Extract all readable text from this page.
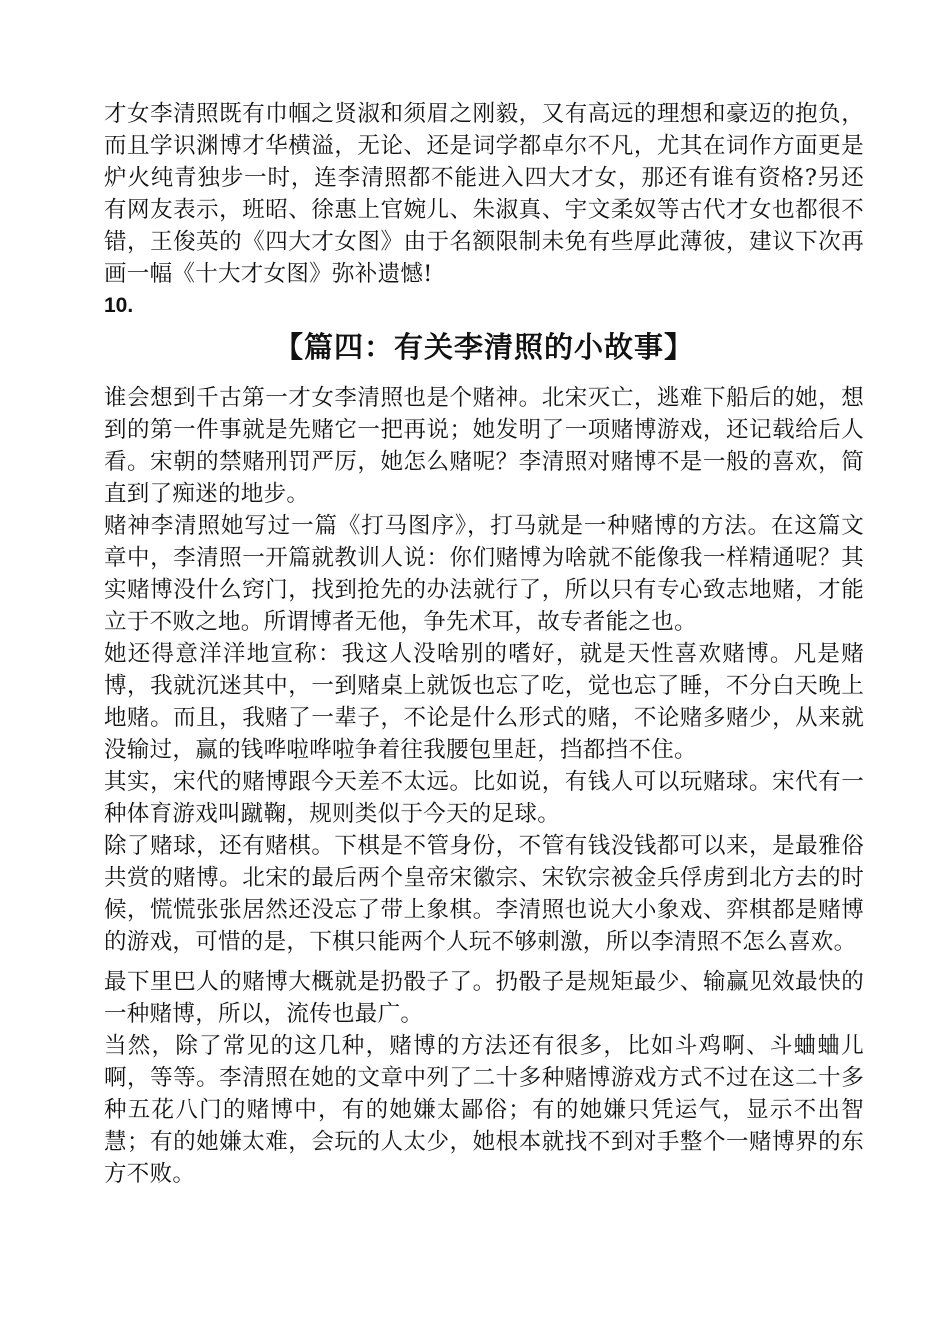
才女李清照既有巾帼之贤淑和须眉之刚毅，又有高远的理想和豪迈的抱负，而且学识渊博才华横溢，无论、还是词学都卓尔不凡，尤其在词作方面更是炉火纯青独步一时，连李清照都不能进入四大才女，那还有谁有资格?另还有网友表示，班昭、徐惠上官婉儿、朱淑真、宇文柔奴等古代才女也都很不错，王俊英的《四大才女图》由于名额限制未免有些厚此薄彼，建议下次再画一幅《十大才女图》弥补遗憾!

10.

【篇四：有关李清照的小故事】

谁会想到千古第一才女李清照也是个赌神。北宋灭亡，逃难下船后的她，想到的第一件事就是先赌它一把再说；她发明了一项赌博游戏，还记载给后人看。宋朝的禁赌刑罚严厉，她怎么赌呢？李清照对赌博不是一般的喜欢，简直到了痴迷的地步。

赌神李清照她写过一篇《打马图序》，打马就是一种赌博的方法。在这篇文章中，李清照一开篇就教训人说：你们赌博为啥就不能像我一样精通呢？其实赌博没什么窍门，找到抢先的办法就行了，所以只有专心致志地赌，才能立于不败之地。所谓博者无他，争先术耳，故专者能之也。

她还得意洋洋地宣称：我这人没啥别的嗜好，就是天性喜欢赌博。凡是赌博，我就沉迷其中，一到赌桌上就饭也忘了吃，觉也忘了睡，不分白天晚上地赌。而且，我赌了一辈子，不论是什么形式的赌，不论赌多赌少，从来就没输过，赢的钱哗啦哗啦争着往我腰包里赶，挡都挡不住。

其实，宋代的赌博跟今天差不太远。比如说，有钱人可以玩赌球。宋代有一种体育游戏叫蹴鞠，规则类似于今天的足球。

除了赌球，还有赌棋。下棋是不管身份，不管有钱没钱都可以来，是最雅俗共赏的赌博。北宋的最后两个皇帝宋徽宗、宋钦宗被金兵俘虏到北方去的时候，慌慌张张居然还没忘了带上象棋。李清照也说大小象戏、弈棋都是赌博的游戏，可惜的是，下棋只能两个人玩不够刺激，所以李清照不怎么喜欢。

最下里巴人的赌博大概就是扔骰子了。扔骰子是规矩最少、输赢见效最快的一种赌博，所以，流传也最广。

当然，除了常见的这几种，赌博的方法还有很多，比如斗鸡啊、斗蛐蛐儿啊，等等。李清照在她的文章中列了二十多种赌博游戏方式不过在这二十多种五花八门的赌博中，有的她嫌太鄙俗；有的她嫌只凭运气，显示不出智慧；有的她嫌太难，会玩的人太少，她根本就找不到对手整个一赌博界的东方不败。
